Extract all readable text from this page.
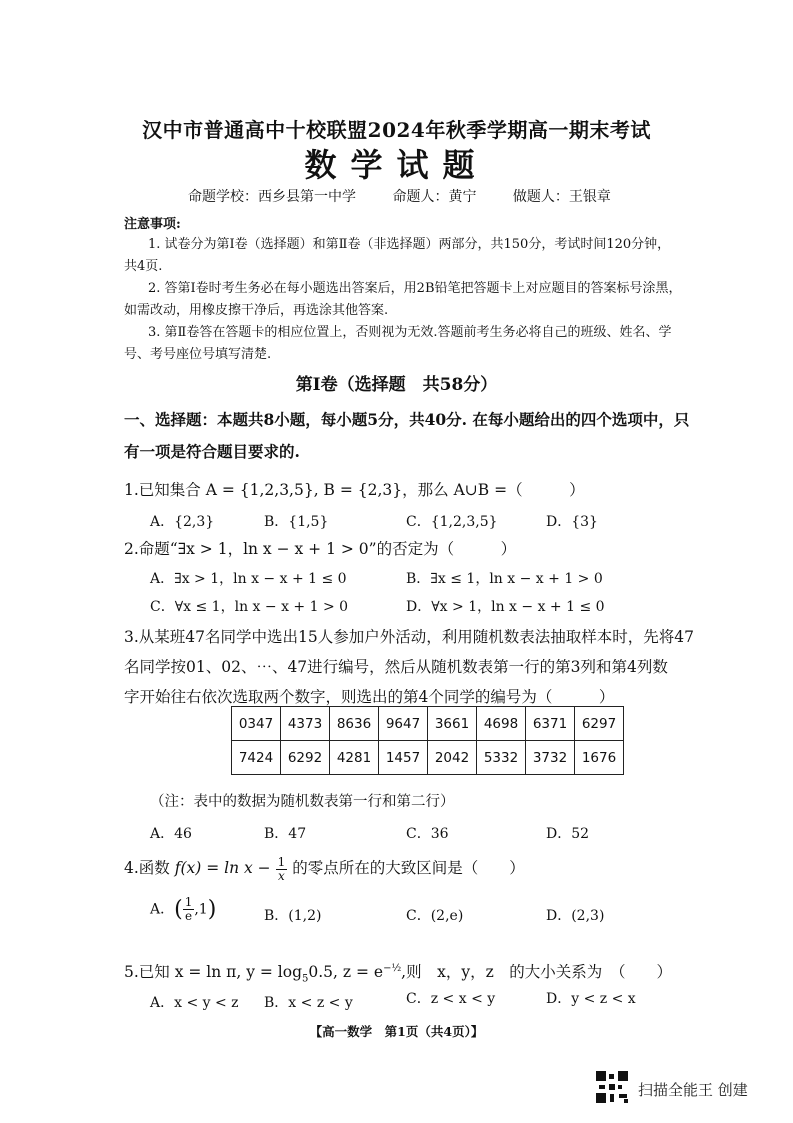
汉中市普通高中十校联盟2024年秋季学期高一期末考试
数学试题
命题学校：西乡县第一中学	命题人：黄宁	做题人：王银章
注意事项:
1. 试卷分为第Ⅰ卷（选择题）和第Ⅱ卷（非选择题）两部分，共150分，考试时间120分钟，
共4页.
2. 答第Ⅰ卷时考生务必在每小题选出答案后，用2B铅笔把答题卡上对应题目的答案标号涂黑，
如需改动，用橡皮擦干净后，再选涂其他答案.
3. 第Ⅱ卷答在答题卡的相应位置上，否则视为无效.答题前考生务必将自己的班级、姓名、学
号、考号座位号填写清楚.
第Ⅰ卷（选择题　共58分）
一、选择题：本题共8小题，每小题5分，共40分. 在每小题给出的四个选项中，只
有一项是符合题目要求的.
1.已知集合 A = {1,2,3,5}, B = {2,3}，那么 A∪B =（　　　）
A．{2,3}	B．{1,5}	C．{1,2,3,5}	D．{3}
2.命题“∃x > 1，ln x − x + 1 > 0”的否定为（　　　）
A．∃x > 1，ln x − x + 1 ≤ 0	B．∃x ≤ 1，ln x − x + 1 > 0
C．∀x ≤ 1，ln x − x + 1 > 0	D．∀x > 1，ln x − x + 1 ≤ 0
3.从某班47名同学中选出15人参加户外活动，利用随机数表法抽取样本时，先将47
名同学按01、02、⋯、47进行编号，然后从随机数表第一行的第3列和第4列数
字开始往右依次选取两个数字，则选出的第4个同学的编号为（　　　）
0347	4373	8636	9647	3661	4698	6371	6297
7424	6292	4281	1457	2042	5332	3732	1676
（注：表中的数据为随机数表第一行和第二行）
A．46	B．47	C．36	D．52
4.函数 $f(x) = \ln x - \frac{1}{x}$ 的零点所在的大致区间是（　　）
A．( $\frac{1}{e} ,1$)	B．(1,2)	C．(2,e)	D．(2,3)
5.已知 x = ln π, $y = \log_50.5$, $z = e^{-\frac{1}{2}}$,则　x，y，z　的大小关系为　（　　）
A．x < y < z B．x < z < y	C．z < x < y	D．y < z < x
【高一数学　第1页（共4页）】
扫描全能王 创建
